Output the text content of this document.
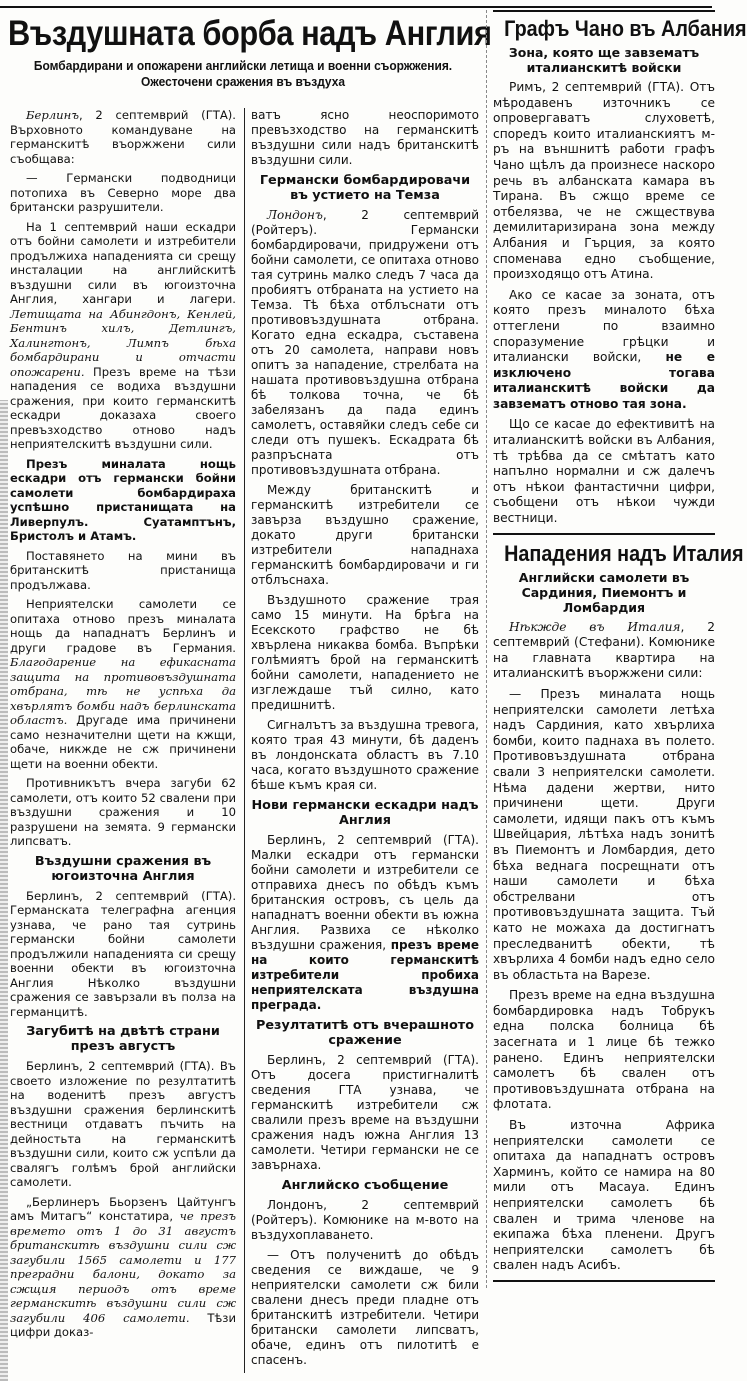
Въздушната борба надъ Англия
Бомбардирани и опожарени английски летища и военни съоржжения. Ожесточени сражения въ въздуха

Берлинъ, 2 септемврий (ГТА). Върховното командуване на германскитѣ въоржжени сили съобщава:

— Германски подводници потопиха въ Северно море два британски разрушители.

На 1 септемврий наши ескадри отъ бойни самолети и изтребители продължиха нападенията си срещу инсталации на английскитѣ въздушни сили въ югоизточна Англия, хангари и лагери. Летищата на Абингдонъ, Кенлей, Бентинъ хилъ, Детлингъ, Халингтонъ, Лимпъ бѣха бомбардирани и отчасти опожарени. Презъ време на тѣзи нападения се водиха въздушни сражения, при които германскитѣ ескадри доказаха своего превъзходство отново надъ неприятелскитѣ въздушни сили.

Презъ миналата нощь ескадри отъ германски бойни самолети бомбардираха успѣшно пристанищата на Ливерпулъ. Суатамптънъ, Бристолъ и Атамъ.

Поставянето на мини въ британскитѣ пристанища продължава.

Неприятелски самолети се опитаха отново презъ миналата нощь да нападнатъ Берлинъ и други градове въ Германия. Благодарение на ефикасната защита на противовъздушната отбрана, тѣ не успѣха да хвърлятъ бомби надъ берлинската областъ. Другаде има причинени само незначителни щети на кжщи, обаче, никжде не сж причинени щети на военни обекти.

Противникътъ вчера загуби 62 самолети, отъ които 52 свалени при въздушни сражения и 10 разрушени на земята. 9 германски липсватъ.

Въздушни сражения въ югоизточна Англия

Берлинъ, 2 септемврий (ГТА). Германската телеграфна агенция узнава, че рано тая сутринь германски бойни самолети продължили нападенията си срещу военни обекти въ югоизточна Англия Нѣколко въздушни сражения се завързали въ полза на германцитѣ.

Загубитѣ на двѣтѣ страни презъ августъ

Берлинъ, 2 септемврий (ГТА). Въ своето изложение по резултатитѣ на воденитѣ презъ августъ въздушни сражения берлинскитѣ вестници отдаватъ пъчить на дейностьта на германскитѣ въздушни сили, които сж успѣли да свалягъ голѣмъ брой английски самолети.

„Берлинеръ Бьорзенъ Цайтунгъ амъ Митагъ“ констатира, че презъ времето отъ 1 до 31 августъ британскитѣ въздушни сили сж загубили 1565 самолети и 177 преградни балони, докато за сжщия периодъ отъ време германскитѣ въздушни сили сж загубили 406 самолети. Тѣзи цифри доказ-

ватъ ясно неоспоримото превъзходство на германскитѣ въздушни сили надъ британскитѣ въздушни сили.

Германски бомбардировачи въ устието на Темза

Лондонъ, 2 септемврий (Ройтеръ). Германски бомбардировачи, придружени отъ бойни самолети, се опитаха отново тая сутринь малко следъ 7 часа да пробиятъ отбраната на устието на Темза. Тѣ бѣха отблъснати отъ противовъздушната отбрана. Когато една ескадра, съставена отъ 20 самолета, направи новъ опитъ за нападение, стрелбата на нашата противовъздушна отбрана бѣ толкова точна, че бѣ забелязанъ да пада единъ самолетъ, оставяйки следъ себе си следи отъ пушекъ. Ескадрата бѣ разпръсната отъ противовъздушната отбрана.

Между британскитѣ и германскитѣ изтребители се завърза въздушно сражение, докато други британски изтребители нападнаха германскитѣ бомбардировачи и ги отблъснаха.

Въздушното сражение трая само 15 минути. На брѣга на Есекското графство не бѣ хвърлена никаква бомба. Въпрѣки голѣмиятъ брой на германскитѣ бойни самолети, нападението не изглеждаше тъй силно, като предишнитѣ.

Сигналътъ за въздушна тревога, която трая 43 минути, бѣ даденъ въ лондонската областъ въ 7.10 часа, когато въздушното сражение бѣше къмъ края си.

Нови германски ескадри надъ Англия

Берлинъ, 2 септемврий (ГТА). Малки ескадри отъ германски бойни самолети и изтребители се отправиха днесъ по обѣдъ къмъ британския островъ, съ цель да нападнатъ военни обекти въ южна Англия. Развиха се нѣколко въздушни сражения, презъ време на които германскитѣ изтребители пробиха неприятелската въздушна преграда.

Резултатитѣ отъ вчерашното сражение

Берлинъ, 2 септемврий (ГТА). Отъ досега пристигналитѣ сведения ГТА узнава, че германскитѣ изтребители сж свалили презъ време на въздушни сражения надъ южна Англия 13 самолети. Четири германски не се завърнаха.

Английско съобщение

Лондонъ, 2 септемврий (Ройтеръ). Комюнике на м-вото на въздухоплаването.

— Отъ полученитѣ до обѣдъ сведения се виждаше, че 9 неприятелски самолети сж били свалени днесъ преди пладне отъ британскитѣ изтребители. Четири британски самолети липсватъ, обаче, единъ отъ пилотитѣ е спасенъ.

Графъ Чано въ Албания
Зона, която ще завзематъ италианскитѣ войски

Римъ, 2 септемврий (ГТА). Отъ мѣродавенъ източникъ се опровергаватъ слуховетѣ, споредъ които италианскиятъ м-ръ на външнитѣ работи графъ Чано щѣлъ да произнесе наскоро речь въ албанската камара въ Тирана. Въ сжщо време се отбелязва, че не сжществува демилитаризирана зона между Албания и Гърция, за която споменава едно съобщение, произходящо отъ Атина.

Ако се касае за зоната, отъ която презъ миналото бѣха оттеглени по взаимно споразумение грѣцки и италиански войски, не е изключено тогава италианскитѣ войски да завзематъ отново тая зона.

Що се касае до ефективитѣ на италианскитѣ войски въ Албания, тѣ трѣбва да се смѣтатъ като напълно нормални и сж далечъ отъ нѣкои фантастични цифри, съобщени отъ нѣкои чужди вестници.

Нападения надъ Италия
Английски самолети въ Сардиния, Пиемонтъ и Ломбардия

Нѣкжде въ Италия, 2 септемврий (Стефани). Комюнике на главната квартира на италианскитѣ въоржжени сили:

— Презъ миналата нощь неприятелски самолети летѣха надъ Сардиния, като хвърлиха бомби, които паднаха въ полето. Противовъздушната отбрана свали 3 неприятелски самолети. Нѣма дадени жертви, нито причинени щети. Други самолети, идящи пакъ отъ къмъ Швейцария, лѣтѣха надъ зонитѣ въ Пиемонтъ и Ломбардия, дето бѣха веднага посрещнати отъ наши самолети и бѣха обстрелвани отъ противовъздушната защита. Тъй като не можаха да достигнатъ преследванитѣ обекти, тѣ хвърлиха 4 бомби надъ едно село въ областьта на Варезе.

Презъ време на една въздушна бомбардировка надъ Тобрукъ една полска болница бѣ засегната и 1 лице бѣ тежко ранено. Единъ неприятелски самолетъ бѣ свален отъ противовъздушната отбрана на флотата.

Въ източна Африка неприятелски самолети се опитаха да нападнатъ островъ Харминъ, който се намира на 80 мили отъ Масауа. Единъ неприятелски самолетъ бѣ свален и трима членове на екипажа бѣха пленени. Другъ неприятелски самолетъ бѣ свален надъ Асибъ.
